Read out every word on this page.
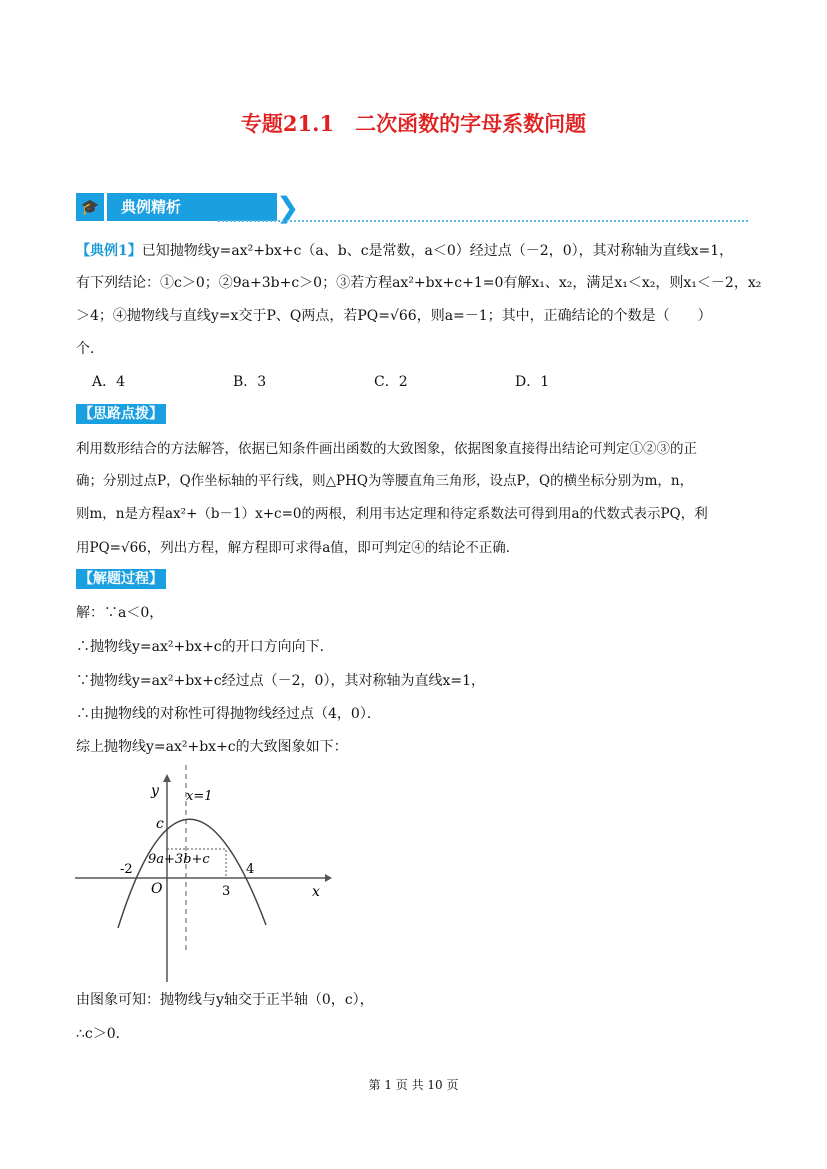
专题21.1　二次函数的字母系数问题
🎓	典例精析	❯
【典例1】已知抛物线y=ax²+bx+c（a、b、c是常数，a＜0）经过点（－2，0），其对称轴为直线x=1，
有下列结论：①c＞0；②9a+3b+c＞0；③若方程ax²+bx+c+1=0有解x₁、x₂，满足x₁＜x₂，则x₁＜－2，x₂
＞4；④抛物线与直线y=x交于P、Q两点，若PQ=√66，则a=－1；其中，正确结论的个数是（　　）
个．
A．4	B．3	C．2	D．1
【思路点拨】
利用数形结合的方法解答，依据已知条件画出函数的大致图象，依据图象直接得出结论可判定①②③的正
确；分别过点P，Q作坐标轴的平行线，则△PHQ为等腰直角三角形，设点P，Q的横坐标分别为m，n，
则m，n是方程ax²+（b－1）x+c=0的两根，利用韦达定理和待定系数法可得到用a的代数式表示PQ，利
用PQ=√66，列出方程，解方程即可求得a值，即可判定④的结论不正确．
【解题过程】
解：∵a＜0，
∴抛物线y=ax²+bx+c的开口方向向下．
∵抛物线y=ax²+bx+c经过点（－2，0），其对称轴为直线x=1，
∴由抛物线的对称性可得抛物线经过点（4，0）．
综上抛物线y=ax²+bx+c的大致图象如下：
y x=1
c
9a+3b+c
-2
O	3
4
x
由图象可知：抛物线与y轴交于正半轴（0，c），
∴c＞0．
第 1 页 共 10 页
